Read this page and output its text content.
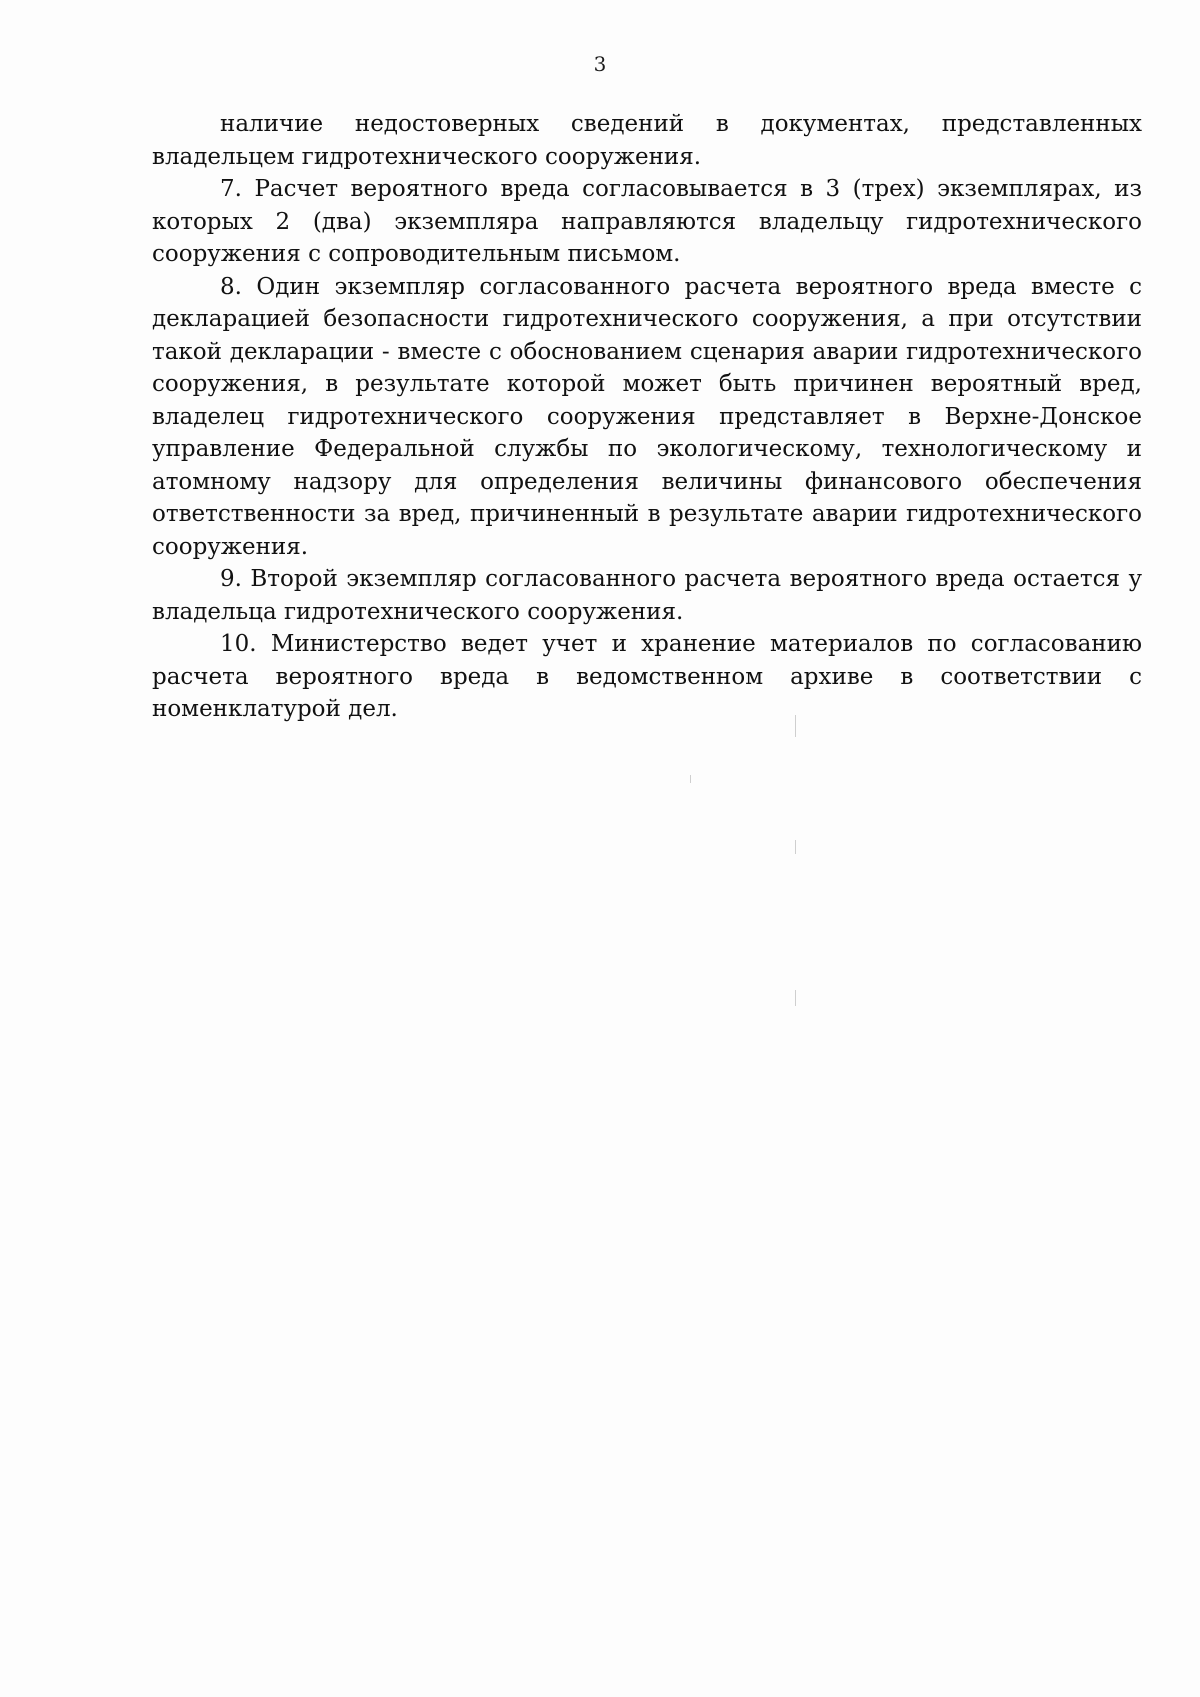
3

наличие недостоверных сведений в документах, представленных владельцем гидротехнического сооружения.

7. Расчет вероятного вреда согласовывается в 3 (трех) экземплярах, из которых 2 (два) экземпляра направляются владельцу гидротехнического сооружения с сопроводительным письмом.

8. Один экземпляр согласованного расчета вероятного вреда вместе с декларацией безопасности гидротехнического сооружения, а при отсутствии такой декларации - вместе с обоснованием сценария аварии гидротехнического сооружения, в результате которой может быть причинен вероятный вред, владелец гидротехнического сооружения представляет в Верхне-Донское управление Федеральной службы по экологическому, технологическому и атомному надзору для определения величины финансового обеспечения ответственности за вред, причиненный в результате аварии гидротехнического сооружения.

9. Второй экземпляр согласованного расчета вероятного вреда остается у владельца гидротехнического сооружения.

10. Министерство ведет учет и хранение материалов по согласованию расчета вероятного вреда в ведомственном архиве в соответствии с номенклатурой дел.
